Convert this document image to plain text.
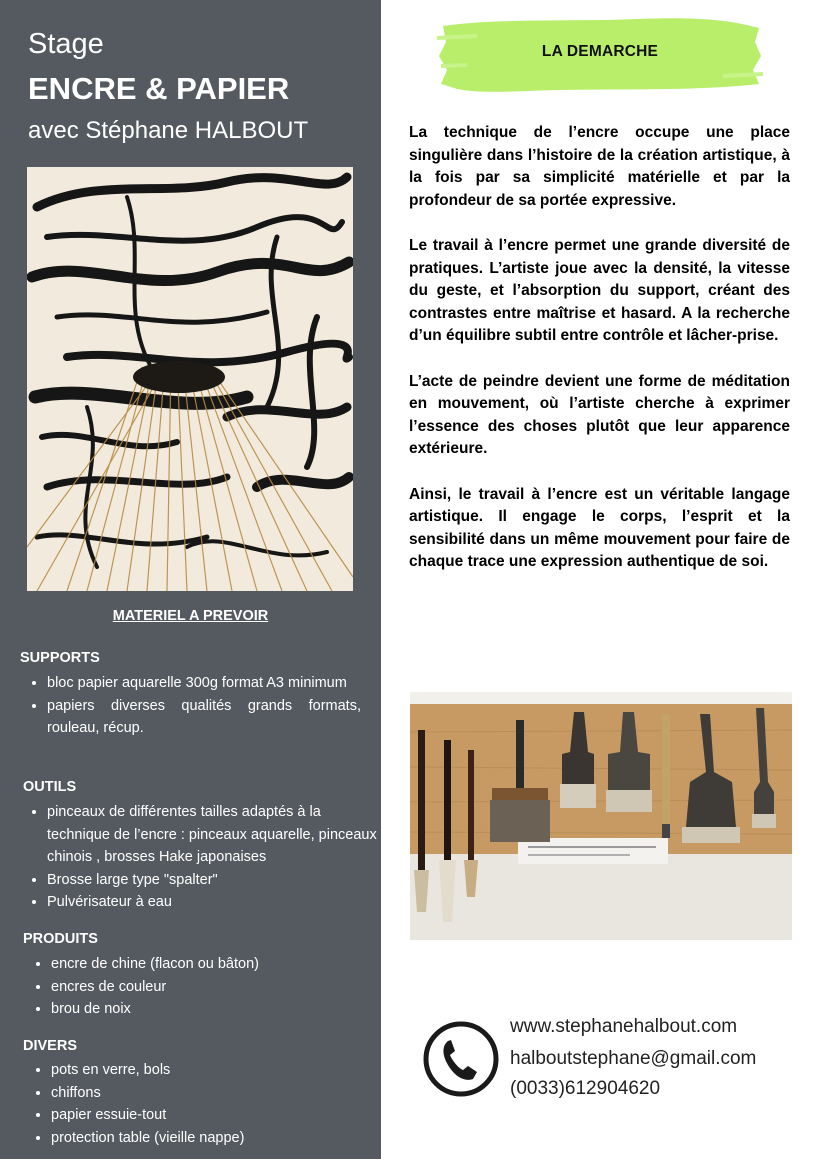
Stage
ENCRE & PAPIER
avec Stéphane HALBOUT
MATERIEL A PREVOIR
SUPPORTS
• bloc papier aquarelle 300g format A3 minimum
• papiers diverses qualités grands formats, rouleau, récup.
OUTILS
• pinceaux de différentes tailles adaptés à la technique de l’encre : pinceaux aquarelle, pinceaux chinois , brosses Hake japonaises
• Brosse large type "spalter"
• Pulvérisateur à eau
PRODUITS
• encre de chine (flacon ou bâton)
• encres de couleur
• brou de noix
DIVERS
• pots en verre, bols
• chiffons
• papier essuie-tout
• protection table (vieille nappe)
LA DEMARCHE

La technique de l’encre occupe une place singulière dans l’histoire de la création artistique, à la fois par sa simplicité matérielle et par la profondeur de sa portée expressive.

Le travail à l’encre permet une grande diversité de pratiques. L’artiste joue avec la densité, la vitesse du geste, et l’absorption du support, créant des contrastes entre maîtrise et hasard. A la recherche d’un équilibre subtil entre contrôle et lâcher-prise.

L’acte de peindre devient une forme de méditation en mouvement, où l’artiste cherche à exprimer l’essence des choses plutôt que leur apparence extérieure.

Ainsi, le travail à l’encre est un véritable langage artistique. Il engage le corps, l’esprit et la sensibilité dans un même mouvement pour faire de chaque trace une expression authentique de soi.

www.stephanehalbout.com
halboutstephane@gmail.com
(0033)612904620
